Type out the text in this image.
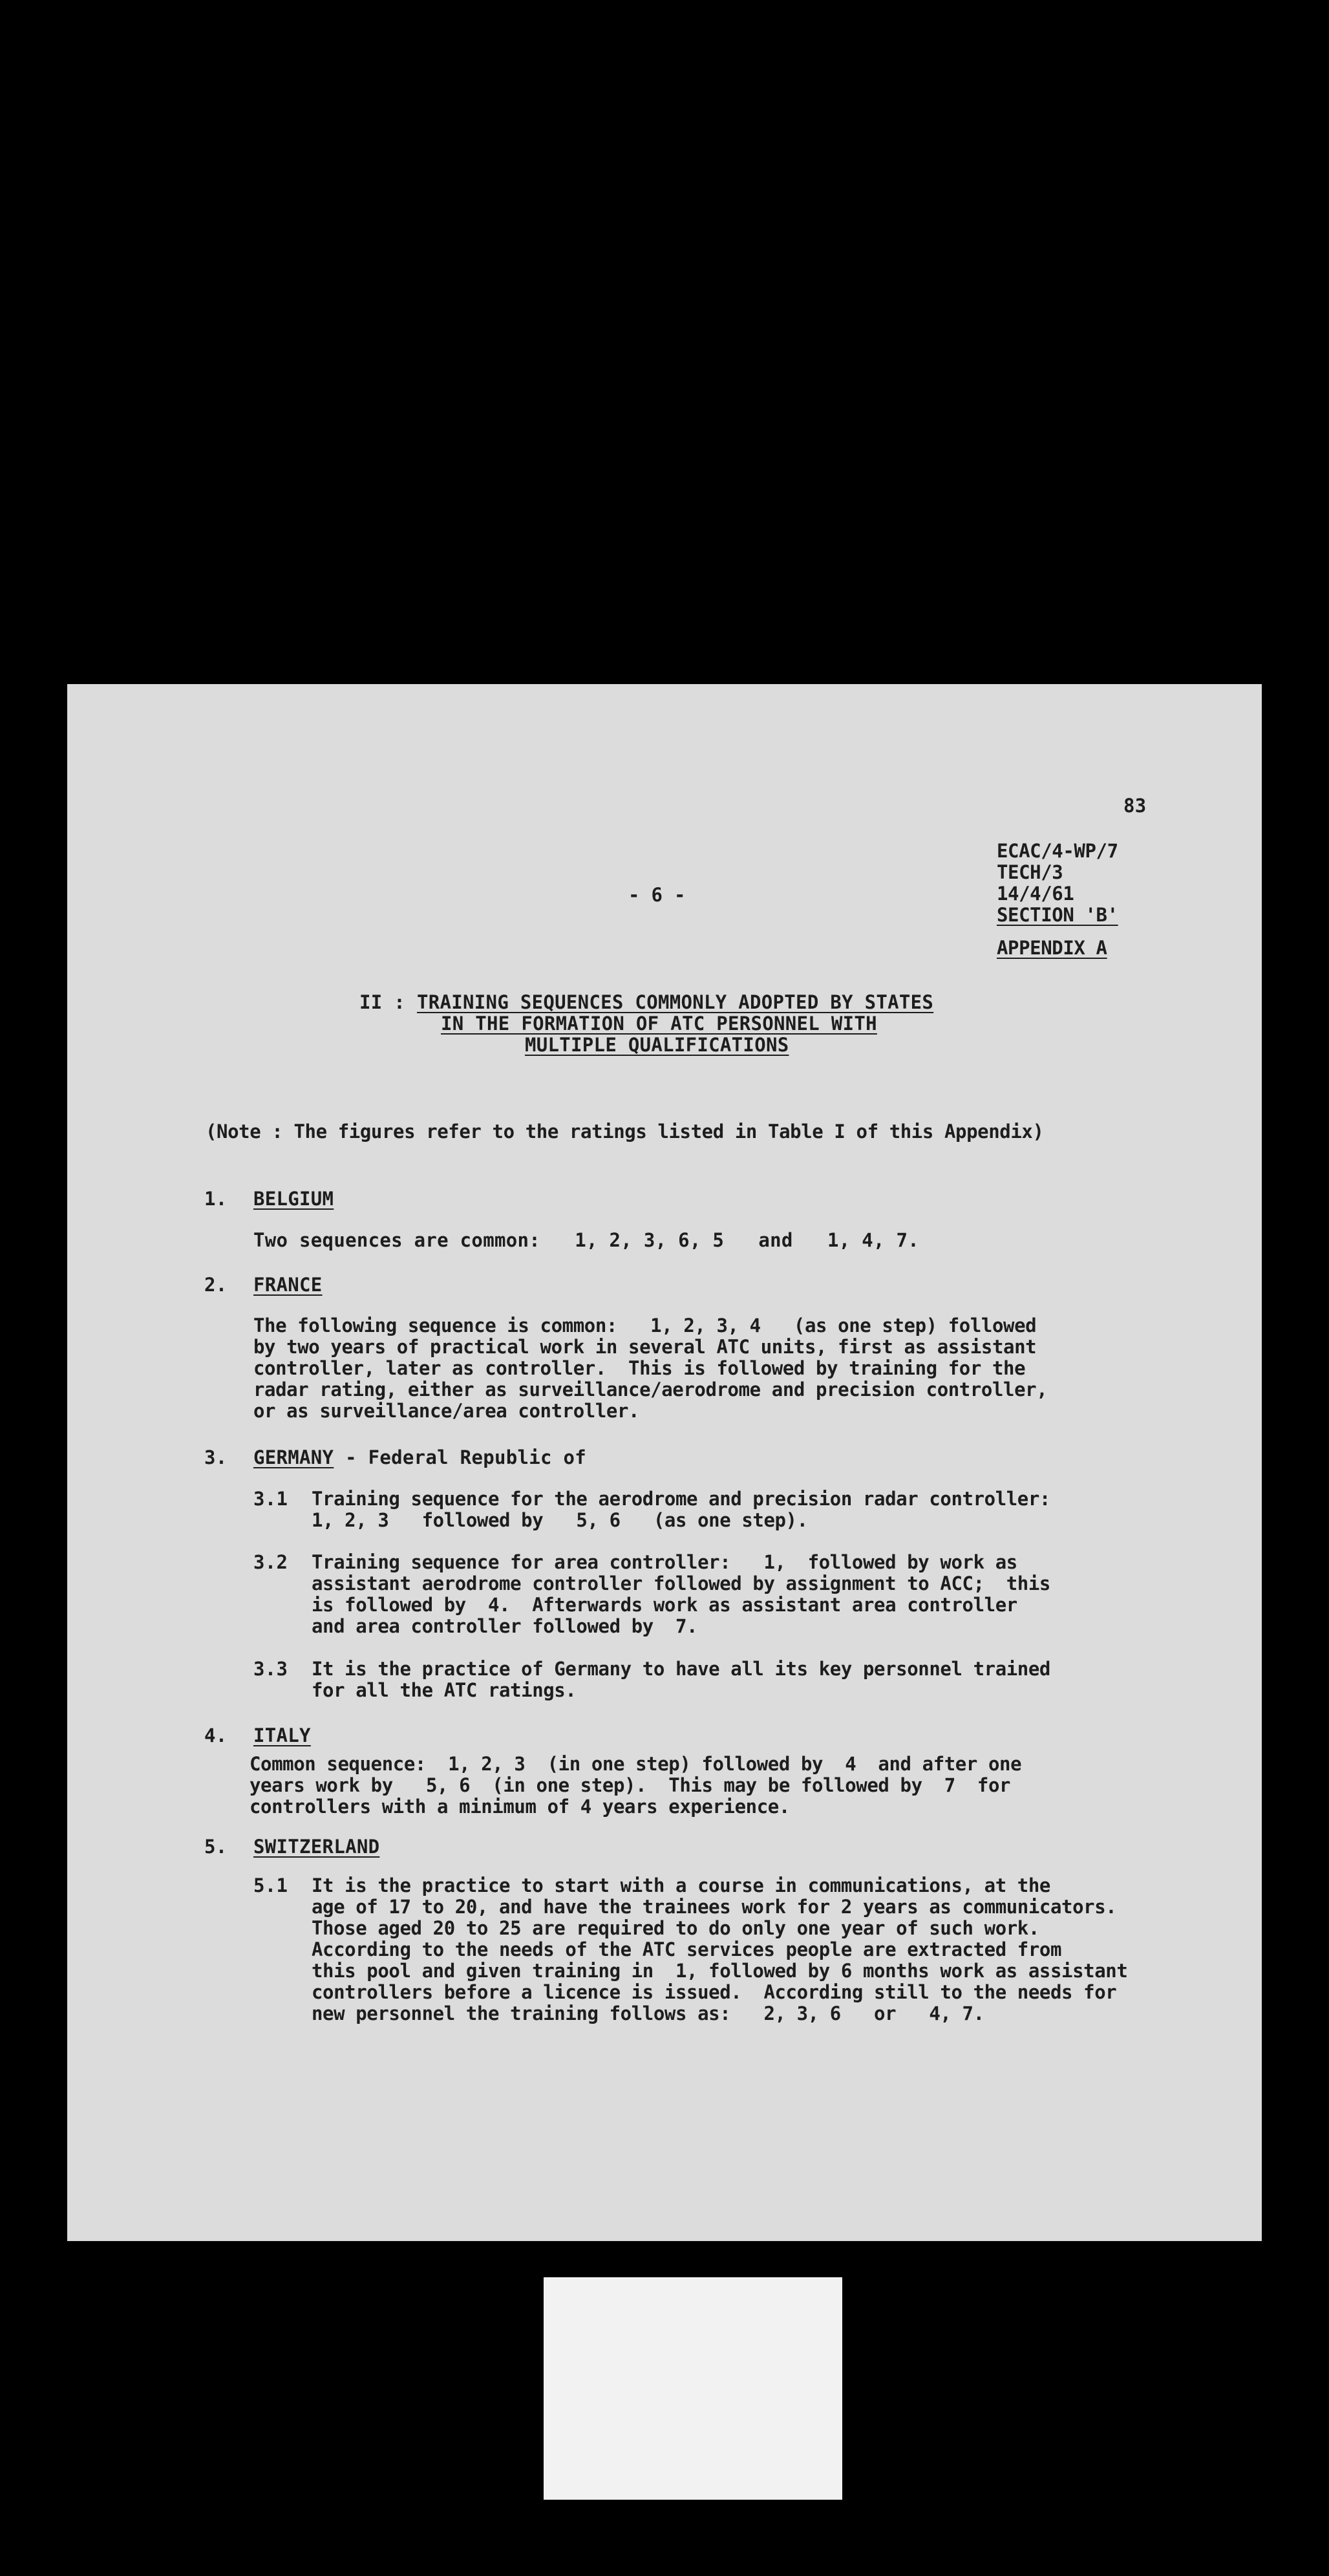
83
ECAC/4-WP/7
TECH/3
14/4/61
SECTION 'B'
APPENDIX A
- 6 -
II : TRAINING SEQUENCES COMMONLY ADOPTED BY STATES
IN THE FORMATION OF ATC PERSONNEL WITH
MULTIPLE QUALIFICATIONS
(Note : The figures refer to the ratings listed in Table I of this Appendix)
1. BELGIUM
Two sequences are common:   1, 2, 3, 6, 5   and   1, 4, 7.
2. FRANCE
The following sequence is common:   1, 2, 3, 4   (as one step) followed
by two years of practical work in several ATC units, first as assistant
controller, later as controller.  This is followed by training for the
radar rating, either as surveillance/aerodrome and precision controller,
or as surveillance/area controller.
3. GERMANY - Federal Republic of
3.1 Training sequence for the aerodrome and precision radar controller:
1, 2, 3   followed by   5, 6   (as one step).
3.2 Training sequence for area controller:   1,  followed by work as
assistant aerodrome controller followed by assignment to ACC;  this
is followed by  4.  Afterwards work as assistant area controller
and area controller followed by  7.
3.3 It is the practice of Germany to have all its key personnel trained
for all the ATC ratings.
4. ITALY
Common sequence:  1, 2, 3  (in one step) followed by  4  and after one
years work by   5, 6  (in one step).  This may be followed by  7  for
controllers with a minimum of 4 years experience.
5. SWITZERLAND
5.1 It is the practice to start with a course in communications, at the
age of 17 to 20, and have the trainees work for 2 years as communicators.
Those aged 20 to 25 are required to do only one year of such work.
According to the needs of the ATC services people are extracted from
this pool and given training in  1, followed by 6 months work as assistant
controllers before a licence is issued.  According still to the needs for
new personnel the training follows as:   2, 3, 6   or   4, 7.
